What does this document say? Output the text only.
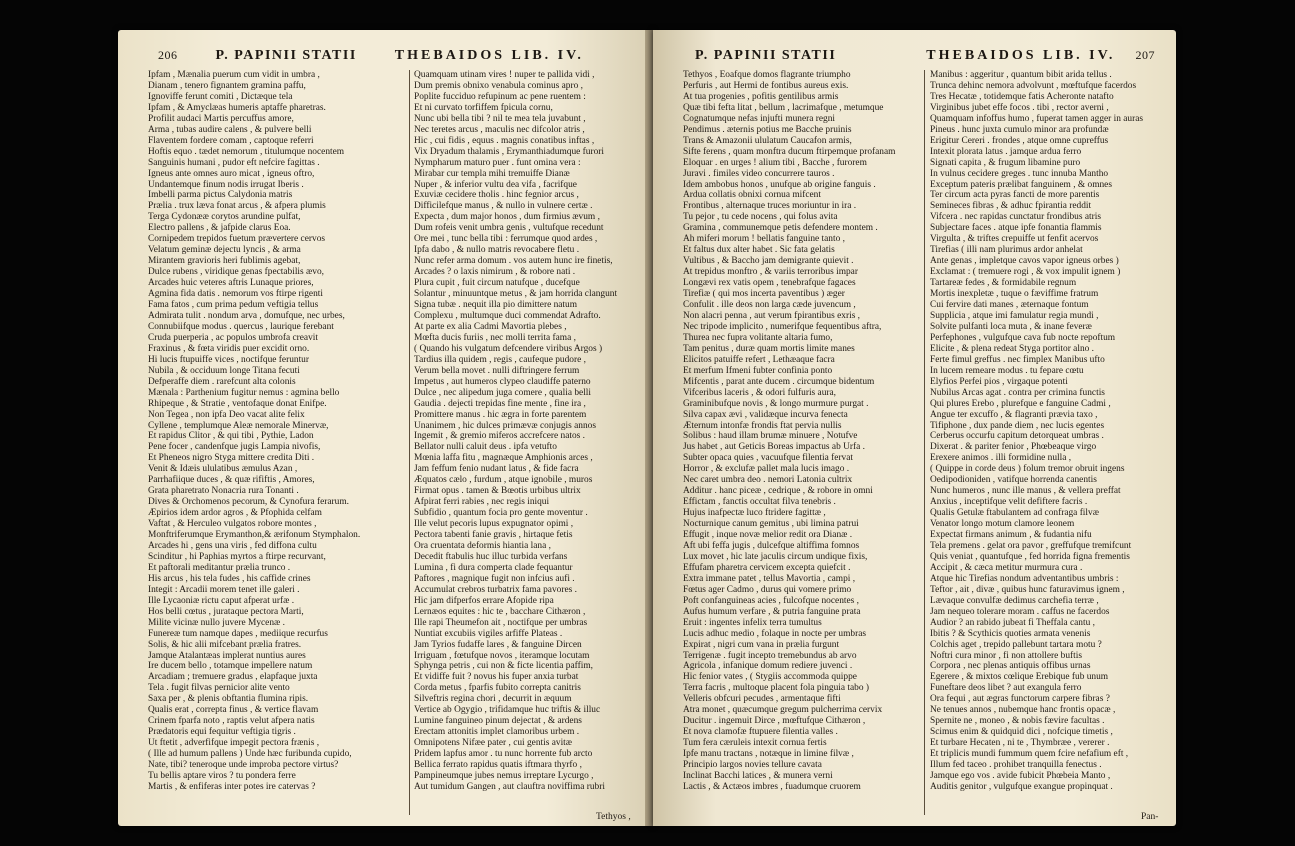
206	P. PAPINII STATII	THEBAIDOS LIB. IV.
Ipfam , Mænalia puerum cum vidit in umbra ,
Dianam , tenero fignantem gramina paffu,
Ignoviffe ferunt comiti , Dictæque tela
Ipfam , & Amyclæas humeris aptaffe pharetras.
Profilit audaci Martis percuffus amore,
Arma , tubas audire calens , & pulvere belli
Flaventem fordere comam , captoque referri
Hoftis equo . tædet nemorum , titulumque nocentem
Sanguinis humani , pudor eft nefcire fagittas .
Igneus ante omnes auro micat , igneus oftro,
Undantemque finum nodis irrugat Iberis .
Imbelli parma pictus Calydonia matris
Prælia . trux læva fonat arcus , & afpera plumis
Terga Cydonææ corytos arundine pulfat,
Electro pallens , & jafpide clarus Eoa.
Cornipedem trepidos fuetum prævertere cervos
Velatum geminæ dejectu lyncis , & arma
Mirantem gravioris heri fublimis agebat,
Dulce rubens , viridique genas fpectabilis ævo,
Arcades huic veteres aftris Lunaque priores,
Agmina fida datis . nemorum vos ftirpe rigenti
Fama fatos , cum prima pedum veftigia tellus
Admirata tulit . nondum arva , domufque, nec urbes,
Connubiifque modus . quercus , laurique ferebant
Cruda puerperia , ac populos umbrofa creavit
Fraxinus , & fœta viridis puer excidit orno.
Hi lucis ftupuiffe vices , noctifque feruntur
Nubila , & occiduum longe Titana fecuti
Defperaffe diem . rarefcunt alta colonis
Mænala : Parthenium fugitur nemus : agmina bello
Rhipeque , & Stratie , ventofaque donat Enifpe.
Non Tegea , non ipfa Deo vacat alite felix
Cyllene , templumque Aleæ nemorale Minervæ,
Et rapidus Clitor , & qui tibi , Pythie, Ladon
Pene focer , candenfque jugis Lampia nivofis,
Et Pheneos nigro Styga mittere credita Diti .
Venit & Idæis ululatibus æmulus Azan ,
Parrhafiique duces , & quæ rififtis , Amores,
Grata pharetrato Nonacria rura Tonanti .
Dives & Orchomenos pecorum, & Cynofura ferarum.
Æpirios idem ardor agros , & Pfophida celfam
Vaftat , & Herculeo vulgatos robore montes ,
Monftriferumque Erymanthon,& ærifonum Stymphalon.
Arcades hi , gens una viris , fed diffona cultu
Scinditur , hi Paphias myrtos a ftirpe recurvant,
Et paftorali meditantur prælia trunco .
His arcus , his tela fudes , his caffide crines
Integit : Arcadii morem tenet ille galeri .
Ille Lycaoniæ rictu caput afperat urfæ .
Hos belli cœtus , jurataque pectora Marti,
Milite vicinæ nullo juvere Mycenæ .
Funereæ tum namque dapes , mediique recurfus
Solis, & hic alii mifcebant prælia fratres.
Jamque Atalantæas implerat nuntius aures
Ire ducem bello , totamque impellere natum
Arcadiam ; tremuere gradus , elapfaque juxta
Tela . fugit filvas pernicior alite vento
Saxa per , & plenis obftantia flumina ripis.
Qualis erat , correpta finus , & vertice flavam
Crinem fparfa noto , raptis velut afpera natis
Prædatoris equi fequitur veftigia tigris .
Ut ftetit , adverfifque impegit pectora frænis ,
( Ille ad humum pallens ) Unde hæc furibunda cupido,
Nate, tibi? teneroque unde improba pectore virtus?
Tu bellis aptare viros ? tu pondera ferre
Martis , & enfiferas inter potes ire catervas ?
Quamquam utinam vires ! nuper te pallida vidi ,
Dum premis obnixo venabula cominus apro ,
Poplite fucciduo refupinum ac pene ruentem :
Et ni curvato torfiffem fpicula cornu,
Nunc ubi bella tibi ? nil te mea tela juvabunt ,
Nec teretes arcus , maculis nec difcolor atris ,
Hic , cui fidis , equus . magnis conatibus inftas ,
Vix Dryadum thalamis , Erymanthiadumque furori
Nympharum maturo puer . funt omina vera :
Mirabar cur templa mihi tremuiffe Dianæ
Nuper , & inferior vultu dea vifa , facrifque
Exuviæ cecidere tholis . hinc fegnior arcus ,
Difficilefque manus , & nullo in vulnere certæ .
Expecta , dum major honos , dum firmius ævum ,
Dum rofeis venit umbra genis , vultufque recedunt
Ore mei , tunc bella tibi : ferrumque quod ardes ,
Ipfa dabo , & nullo matris revocabere fletu .
Nunc refer arma domum . vos autem hunc ire finetis,
Arcades ? o laxis nimirum , & robore nati .
Plura cupit , fuit circum natufque , ducefque
Solantur , minuuntque metus , & jam horrida clangunt
Signa tubæ . nequit illa pio dimittere natum
Complexu , multumque duci commendat Adrafto.
At parte ex alia Cadmi Mavortia plebes ,
Mœfta ducis furiis , nec molli territa fama ,
( Quando his vulgatum defcendere viribus Argos )
Tardius illa quidem , regis , caufeque pudore ,
Verum bella movet . nulli diftringere ferrum
Impetus , aut humeros clypeo claudiffe paterno
Dulce , nec alipedum juga comere , qualia belli
Gaudia . dejecti trepidas fine mente , fine ira ,
Promittere manus . hic ægra in forte parentem
Unanimem , hic dulces primævæ conjugis annos
Ingemit , & gremio miferos accrefcere natos .
Bellator nulli caluit deus . ipfa vetufto
Mœnia laffa fitu , magnæque Amphionis arces ,
Jam feffum fenio nudant latus , & fide facra
Æquatos cælo , furdum , atque ignobile , muros
Firmat opus . tamen & Bœotis urbibus ultrix
Afpirat ferri rabies , nec regis iniqui
Subfidio , quantum focia pro gente moventur .
Ille velut pecoris lupus expugnator opimi ,
Pectora tabenti fanie gravis , hirtaque fetis
Ora cruentata deformis hiantia lana ,
Decedit ftabulis huc illuc turbida verfans
Lumina , fi dura comperta clade fequantur
Paftores , magnique fugit non infcius aufi .
Accumulat crebros turbatrix fama pavores .
Hic jam difperfos errare Afopide ripa
Lernæos equites : hic te , bacchare Cithæron ,
Ille rapi Theumefon ait , noctifque per umbras
Nuntiat excubiis vigiles arfiffe Plateas .
Jam Tyrios fudaffe lares , & fanguine Dircen
Irriguam , fœtufque novos , iteramque locutam
Sphynga petris , cui non & ficte licentia paffim,
Et vidiffe fuit ? novus his fuper anxia turbat
Corda metus , fparfis fubito correpta canitris
Silveftris regina chori , decurrit in æquum
Vertice ab Ogygio , trifidamque huc triftis & illuc
Lumine fanguineo pinum dejectat , & ardens
Erectam attonitis implet clamoribus urbem .
Omnipotens Nifæe pater , cui gentis avitæ
Pridem lapfus amor . tu nunc horrente fub arcto
Bellica ferrato rapidus quatis iftmara thyrfo ,
Pampineumque jubes nemus irreptare Lycurgo ,
Aut tumidum Gangen , aut clauftra noviffima rubri
Tethyos ,
P. PAPINII STATII	THEBAIDOS LIB. IV. 207
Tethyos , Eoafque domos flagrante triumpho
Perfuris , aut Hermi de fontibus aureus exis.
At tua progenies , pofitis gentilibus armis
Quæ tibi fefta litat , bellum , lacrimafque , metumque
Cognatumque nefas injufti munera regni
Pendimus . æternis potius me Bacche pruinis
Trans & Amazonii ululatum Caucafon armis,
Sifte ferens , quam monftra ducum ftirpemque profanam
Eloquar . en urges ! alium tibi , Bacche , furorem
Juravi . fimiles video concurrere tauros .
Idem ambobus honos , unufque ab origine fanguis .
Ardua collatis obnixi cornua mifcent
Frontibus , alternaque truces moriuntur in ira .
Tu pejor , tu cede nocens , qui folus avita
Gramina , communemque petis defendere montem .
Ah miferi morum ! bellatis fanguine tanto ,
Et faltus dux alter habet . Sic fata gelatis
Vultibus , & Baccho jam demigrante quievit .
At trepidus monftro , & variis terroribus impar
Longævi rex vatis opem , tenebrafque fagaces
Tirefiæ ( qui mos incerta paventibus ) æger
Confulit . ille deos non larga cæde juvencum ,
Non alacri penna , aut verum fpirantibus exris ,
Nec tripode implicito , numerifque fequentibus aftra,
Thurea nec fupra volitante altaria fumo,
Tam penitus , duræ quam mortis limite manes
Elicitos patuiffe refert , Lethæaque facra
Et merfum Ifmeni fubter confinia ponto
Mifcentis , parat ante ducem . circumque bidentum
Vifceribus laceris , & odori fulfuris aura,
Graminibufque novis , & longo murmure purgat .
Silva capax ævi , validæque incurva fenecta
Æternum intonfæ frondis ftat pervia nullis
Solibus : haud illam brumæ minuere , Notufve
Jus habet , aut Geticis Boreas impactus ab Urfa .
Subter opaca quies , vacuufque filentia fervat
Horror , & exclufæ pallet mala lucis imago .
Nec caret umbra deo . nemori Latonia cultrix
Additur . hanc piceæ , cedrique , & robore in omni
Effictam , fanctis occultat filva tenebris .
Hujus inafpectæ luco ftridere fagittæ ,
Nocturnique canum gemitus , ubi limina patrui
Effugit , inque novæ melior redit ora Dianæ .
Aft ubi feffa jugis , dulcefque altiffima fomnos
Lux movet , hic late jaculis circum undique fixis,
Effufam pharetra cervicem excepta quiefcit .
Extra immane patet , tellus Mavortia , campi ,
Fœtus ager Cadmo , durus qui vomere primo
Poft confanguineas acies , fulcofque nocentes ,
Aufus humum verfare , & putria fanguine prata
Eruit : ingentes infelix terra tumultus
Lucis adhuc medio , folaque in nocte per umbras
Expirat , nigri cum vana in prælia furgunt
Terrigenæ . fugit incepto tremebundus ab arvo
Agricola , infanique domum rediere juvenci .
Hic fenior vates , ( Stygiis accommoda quippe
Terra facris , multoque placent fola pinguia tabo )
Velleris obfcuri pecudes , armentaque fifti
Atra monet , quæcumque gregum pulcherrima cervix
Ducitur . ingemuit Dirce , mœftufque Cithæron ,
Et nova clamofæ ftupuere filentia valles .
Tum fera cæruleis intexit cornua fertis
Ipfe manu tractans , notæque in limine filvæ ,
Principio largos novies tellure cavata
Inclinat Bacchi latices , & munera verni
Lactis , & Actæos imbres , fuadumque cruorem
Manibus : aggeritur , quantum bibit arida tellus .
Trunca dehinc nemora advolvunt , mœftufque facerdos
Tres Hecatæ , totidemque fatis Acheronte natafto
Virginibus jubet effe focos . tibi , rector averni ,
Quamquam infoffus humo , fuperat tamen agger in auras
Pineus . hunc juxta cumulo minor ara profundæ
Erigitur Cereri . frondes , atque omne cupreffus
Intexit plorata latus . jamque ardua ferro
Signati capita , & frugum libamine puro
In vulnus cecidere greges . tunc innuba Mantho
Exceptum pateris prælibat fanguinem , & omnes
Ter circum acta pyras fancti de more parentis
Semineces fibras , & adhuc fpirantia reddit
Vifcera . nec rapidas cunctatur frondibus atris
Subjectare faces . atque ipfe fonantia flammis
Virgulta , & triftes crepuiffe ut fenfit acervos
Tirefias ( illi nam plurimus ardor anhelat
Ante genas , impletque cavos vapor igneus orbes )
Exclamat : ( tremuere rogi , & vox impulit ignem )
Tartareæ fedes , & formidabile regnum
Mortis inexpletæ , tuque o fæviffime fratrum
Cui fervire dati manes , æternaque fontum
Supplicia , atque imi famulatur regia mundi ,
Solvite pulfanti loca muta , & inane feveræ
Perfephones , vulgufque cava fub nocte repoftum
Elicite , & plena redeat Styga portitor alno .
Ferte fimul greffus . nec fimplex Manibus ufto
In lucem remeare modus . tu fepare cœtu
Elyfios Perfei pios , virgaque potenti
Nubilus Arcas agat . contra per crimina functis
Qui plures Erebo , plurefque e fanguine Cadmi ,
Angue ter excuffo , & flagranti prævia taxo ,
Tifiphone , dux pande diem , nec lucis egentes
Cerberus occurfu capitum detorqueat umbras .
Dixerat . & pariter fenior , Phœbeaque virgo
Erexere animos . illi formidine nulla ,
( Quippe in corde deus ) folum tremor obruit ingens
Oedipodioniden , vatifque horrenda canentis
Nunc humeros , nunc ille manus , & vellera preffat
Anxius , inceptifque velit defiftere facris .
Qualis Getulæ ftabulantem ad confraga filvæ
Venator longo motum clamore leonem
Expectat firmans animum , & fudantia nifu
Tela premens . gelat ora pavor , greffufque tremifcunt
Quis veniat , quantufque , fed horrida figna frementis
Accipit , & cæca metitur murmura cura .
Atque hic Tirefias nondum adventantibus umbris :
Teftor , ait , divæ , quibus hunc faturavimus ignem ,
Lævaque convulfæ dedimus carchefia terræ ,
Jam nequeo tolerare moram . caffus ne facerdos
Audior ? an rabido jubeat fi Theffala cantu ,
Ibitis ? & Scythicis quoties armata venenis
Colchis aget , trepido pallebunt tartara motu ?
Noftri cura minor , fi non attollere buftis
Corpora , nec plenas antiquis offibus urnas
Egerere , & mixtos cœlique Erebique fub unum
Funeftare deos libet ? aut exangula ferro
Ora fequi , aut ægras functorum carpere fibras ?
Ne tenues annos , nubemque hanc frontis opacæ ,
Spernite ne , moneo , & nobis fævire facultas .
Scimus enim & quidquid dici , nofcique timetis ,
Et turbare Hecaten , ni te , Thymbræe , vererer .
Et triplicis mundi fummum quem fcire nefafium eft ,
Illum fed taceo . prohibet tranquilla fenectus .
Jamque ego vos . avide fubicit Phœbeia Manto ,
Auditis genitor , vulgufque exangue propinquat .
Pan-
